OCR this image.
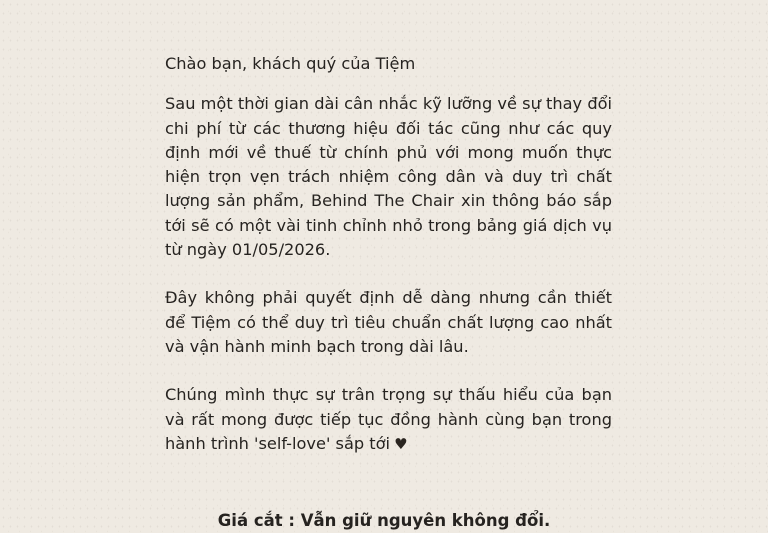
Chào bạn, khách quý của Tiệm

Sau một thời gian dài cân nhắc kỹ lưỡng về sự thay đổi chi phí từ các thương hiệu đối tác cũng như các quy định mới về thuế từ chính phủ với mong muốn thực hiện trọn vẹn trách nhiệm công dân và duy trì chất lượng sản phẩm, Behind The Chair xin thông báo sắp tới sẽ có một vài tinh chỉnh nhỏ trong bảng giá dịch vụ từ ngày 01/05/2026.

Đây không phải quyết định dễ dàng nhưng cần thiết để Tiệm có thể duy trì tiêu chuẩn chất lượng cao nhất và vận hành minh bạch trong dài lâu.

Chúng mình thực sự trân trọng sự thấu hiểu của bạn và rất mong được tiếp tục đồng hành cùng bạn trong hành trình 'self-love' sắp tới ♥

Giá cắt : Vẫn giữ nguyên không đổi.
